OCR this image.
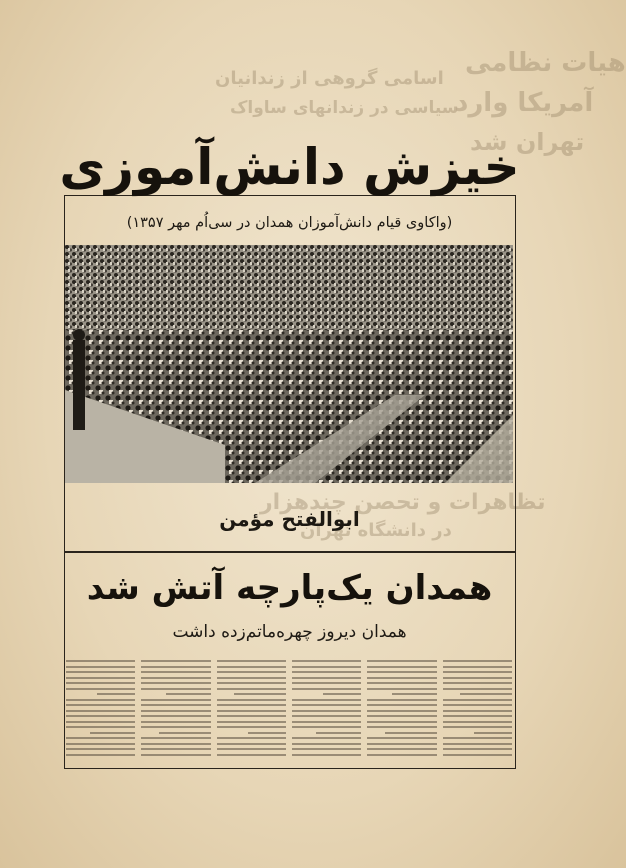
هیات نظامی
آمریکا وارد
تهران شد
اسامی گروهی از زندانیان
سیاسی در زندانهای ساواک
تظاهرات و تحصن چندهزار
در دانشگاه تهران
خیزش دانش‌آموزی
(واکاوی قیام دانش‌آموزان همدان در سی‌اُم مهر ۱۳۵۷)
ابوالفتح مؤمن
همدان یک‌پارچه آتش شد
همدان دیروز چهره‌ماتم‌زده داشت
